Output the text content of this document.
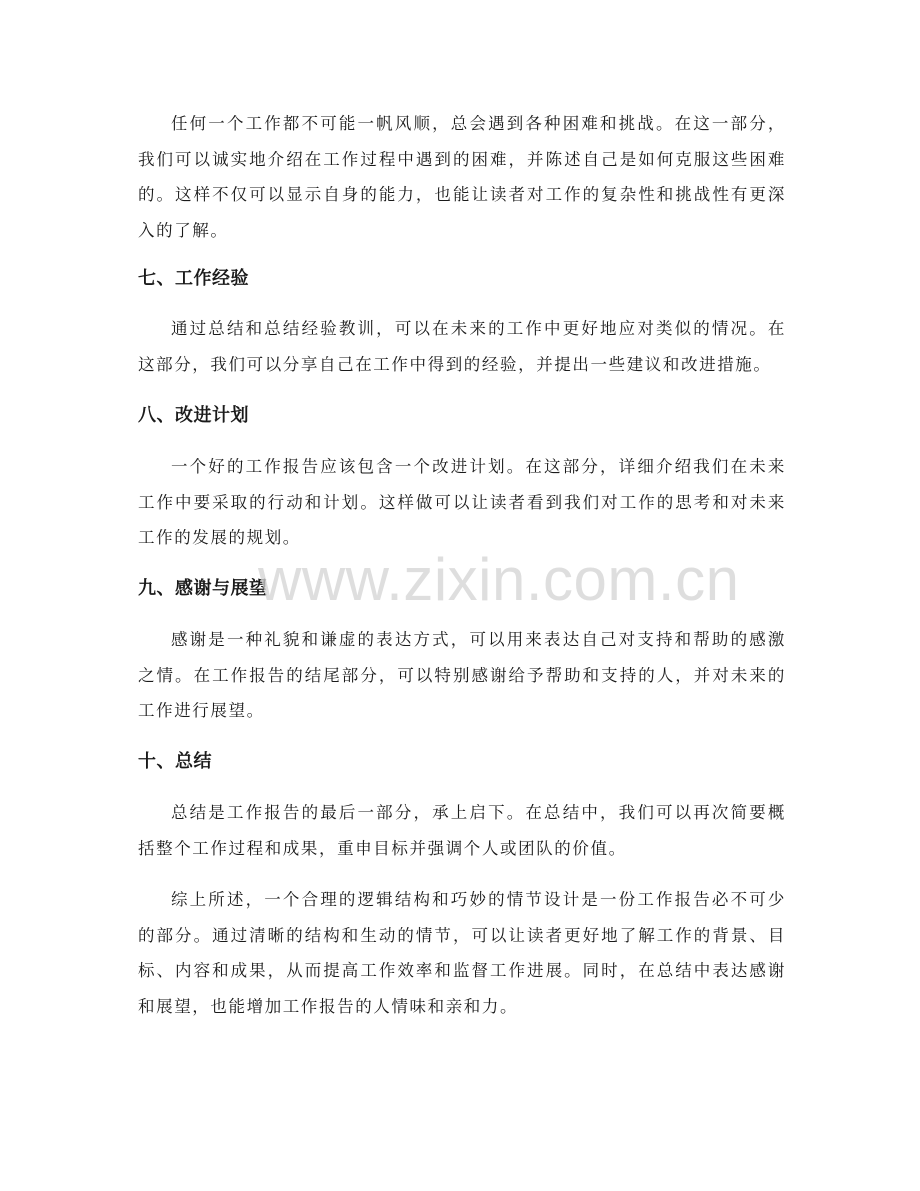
任何一个工作都不可能一帆风顺，总会遇到各种困难和挑战。在这一部分，我们可以诚实地介绍在工作过程中遇到的困难，并陈述自己是如何克服这些困难的。这样不仅可以显示自身的能力，也能让读者对工作的复杂性和挑战性有更深入的了解。

七、工作经验

通过总结和总结经验教训，可以在未来的工作中更好地应对类似的情况。在这部分，我们可以分享自己在工作中得到的经验，并提出一些建议和改进措施。

八、改进计划

一个好的工作报告应该包含一个改进计划。在这部分，详细介绍我们在未来工作中要采取的行动和计划。这样做可以让读者看到我们对工作的思考和对未来工作的发展的规划。

九、感谢与展望

感谢是一种礼貌和谦虚的表达方式，可以用来表达自己对支持和帮助的感激之情。在工作报告的结尾部分，可以特别感谢给予帮助和支持的人，并对未来的工作进行展望。

十、总结

总结是工作报告的最后一部分，承上启下。在总结中，我们可以再次简要概括整个工作过程和成果，重申目标并强调个人或团队的价值。

综上所述，一个合理的逻辑结构和巧妙的情节设计是一份工作报告必不可少的部分。通过清晰的结构和生动的情节，可以让读者更好地了解工作的背景、目标、内容和成果，从而提高工作效率和监督工作进展。同时，在总结中表达感谢和展望，也能增加工作报告的人情味和亲和力。

www.zixin.com.cn
